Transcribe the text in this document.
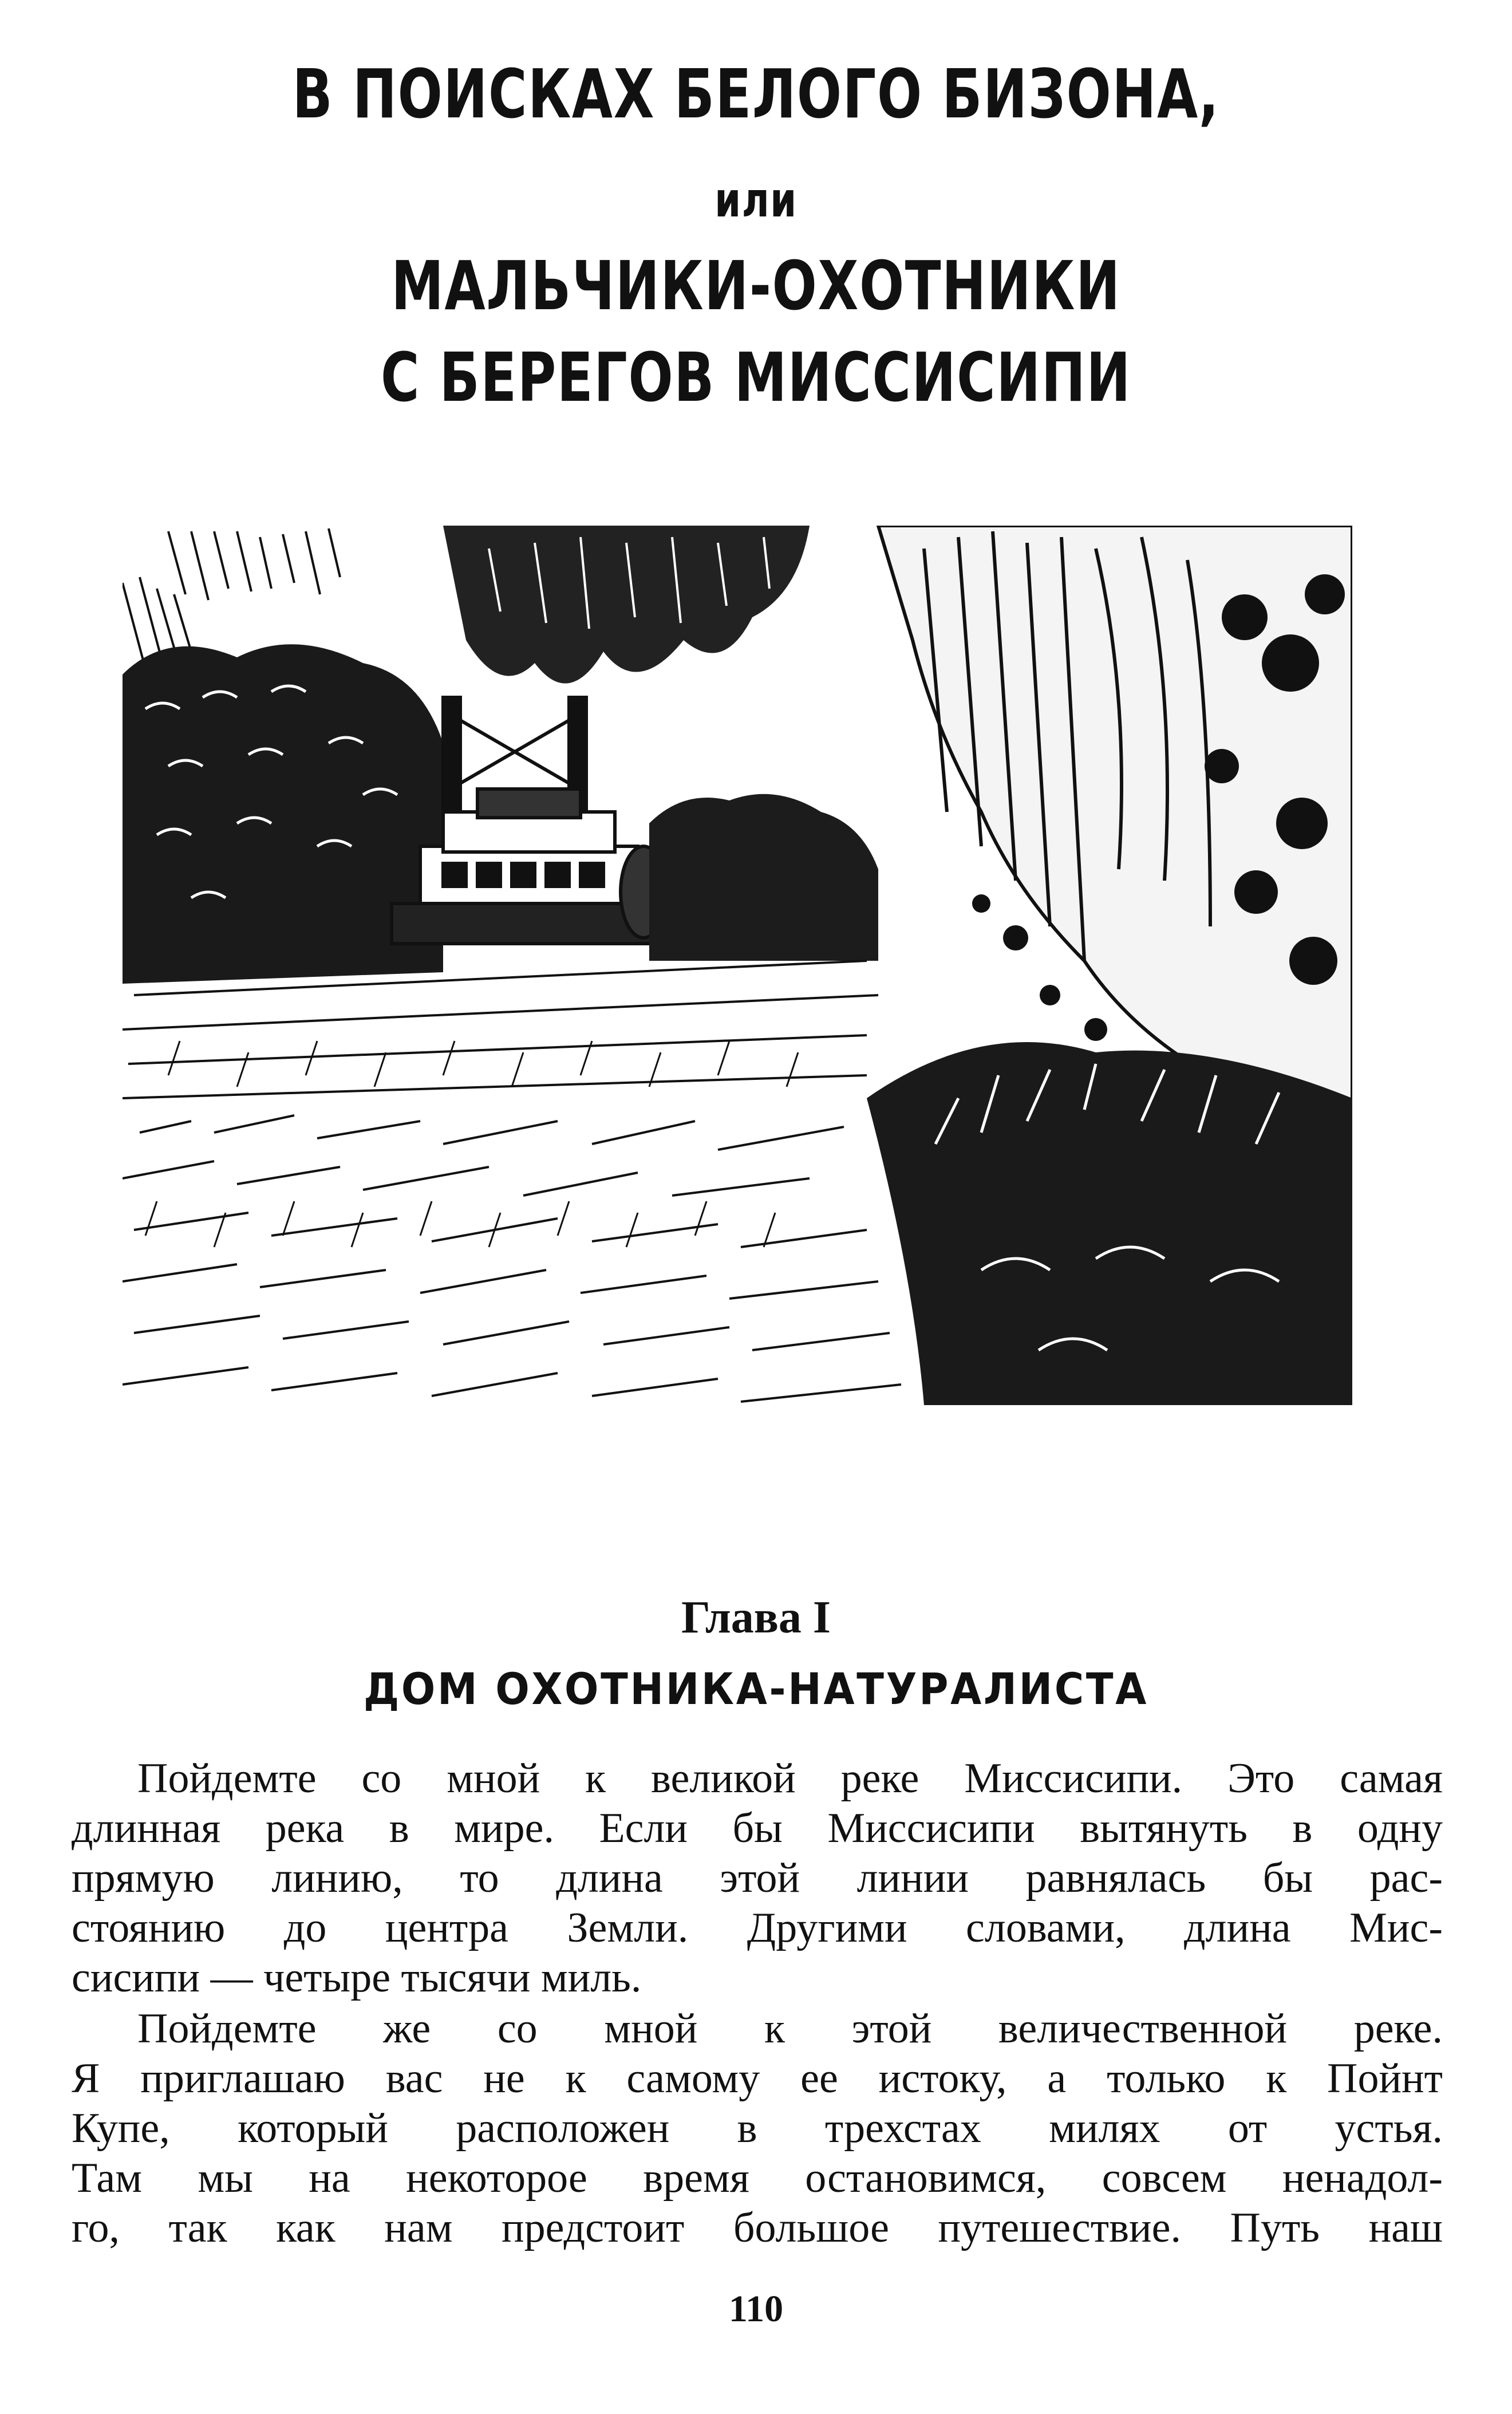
В ПОИСКАХ БЕЛОГО БИЗОНА,
или
МАЛЬЧИКИ-ОХОТНИКИ
С БЕРЕГОВ МИССИСИПИ
Глава I
ДОМ ОХОТНИКА-НАТУРАЛИСТА
Пойдемте со мной к великой реке Миссисипи. Это самая
длинная река в мире. Если бы Миссисипи вытянуть в одну
прямую линию, то длина этой линии равнялась бы рас-
стоянию до центра Земли. Другими словами, длина Мис-
сисипи — четыре тысячи миль.
Пойдемте же со мной к этой величественной реке.
Я приглашаю вас не к самому ее истоку, а только к Пойнт
Купе, который расположен в трехстах милях от устья.
Там мы на некоторое время остановимся, совсем ненадол-
го, так как нам предстоит большое путешествие. Путь наш
110
